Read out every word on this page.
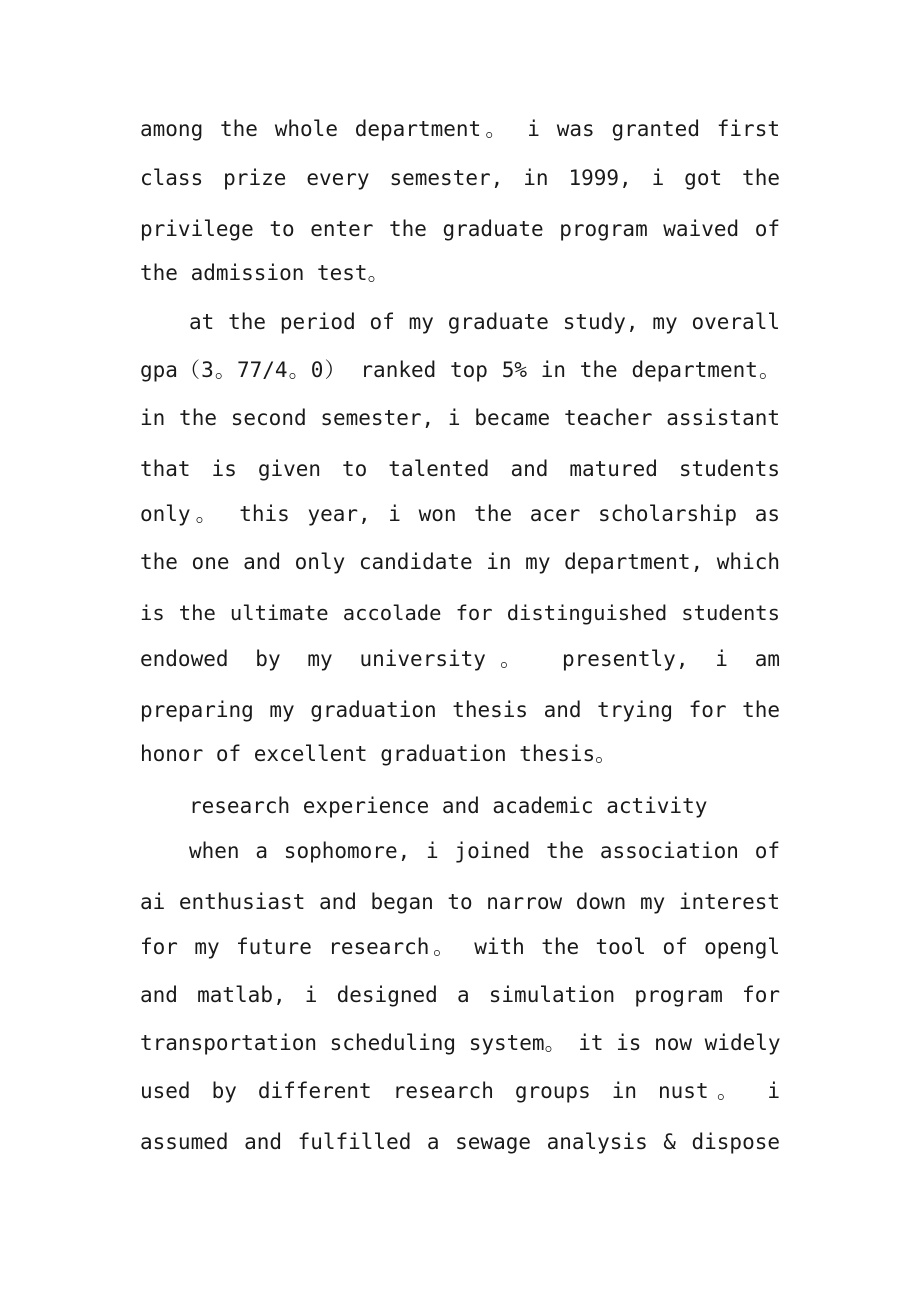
among the whole department。 i was granted first
class prize every semester, in 1999, i got the
privilege to enter the graduate program waived of
the admission test。
at the period of my graduate study, my overall
gpa（3。77/4。0） ranked top 5% in the department。
in the second semester, i became teacher assistant
that is given to talented and matured students
only。 this year, i won the acer scholarship as
the one and only candidate in my department, which
is the ultimate accolade for distinguished students
endowed by my university。 presently, i am
preparing my graduation thesis and trying for the
honor of excellent graduation thesis。
research experience and academic activity
when a sophomore, i joined the association of
ai enthusiast and began to narrow down my interest
for my future research。 with the tool of opengl
and matlab, i designed a simulation program for
transportation scheduling system。 it is now widely
used by different research groups in nust。 i
assumed and fulfilled a sewage analysis & dispose
